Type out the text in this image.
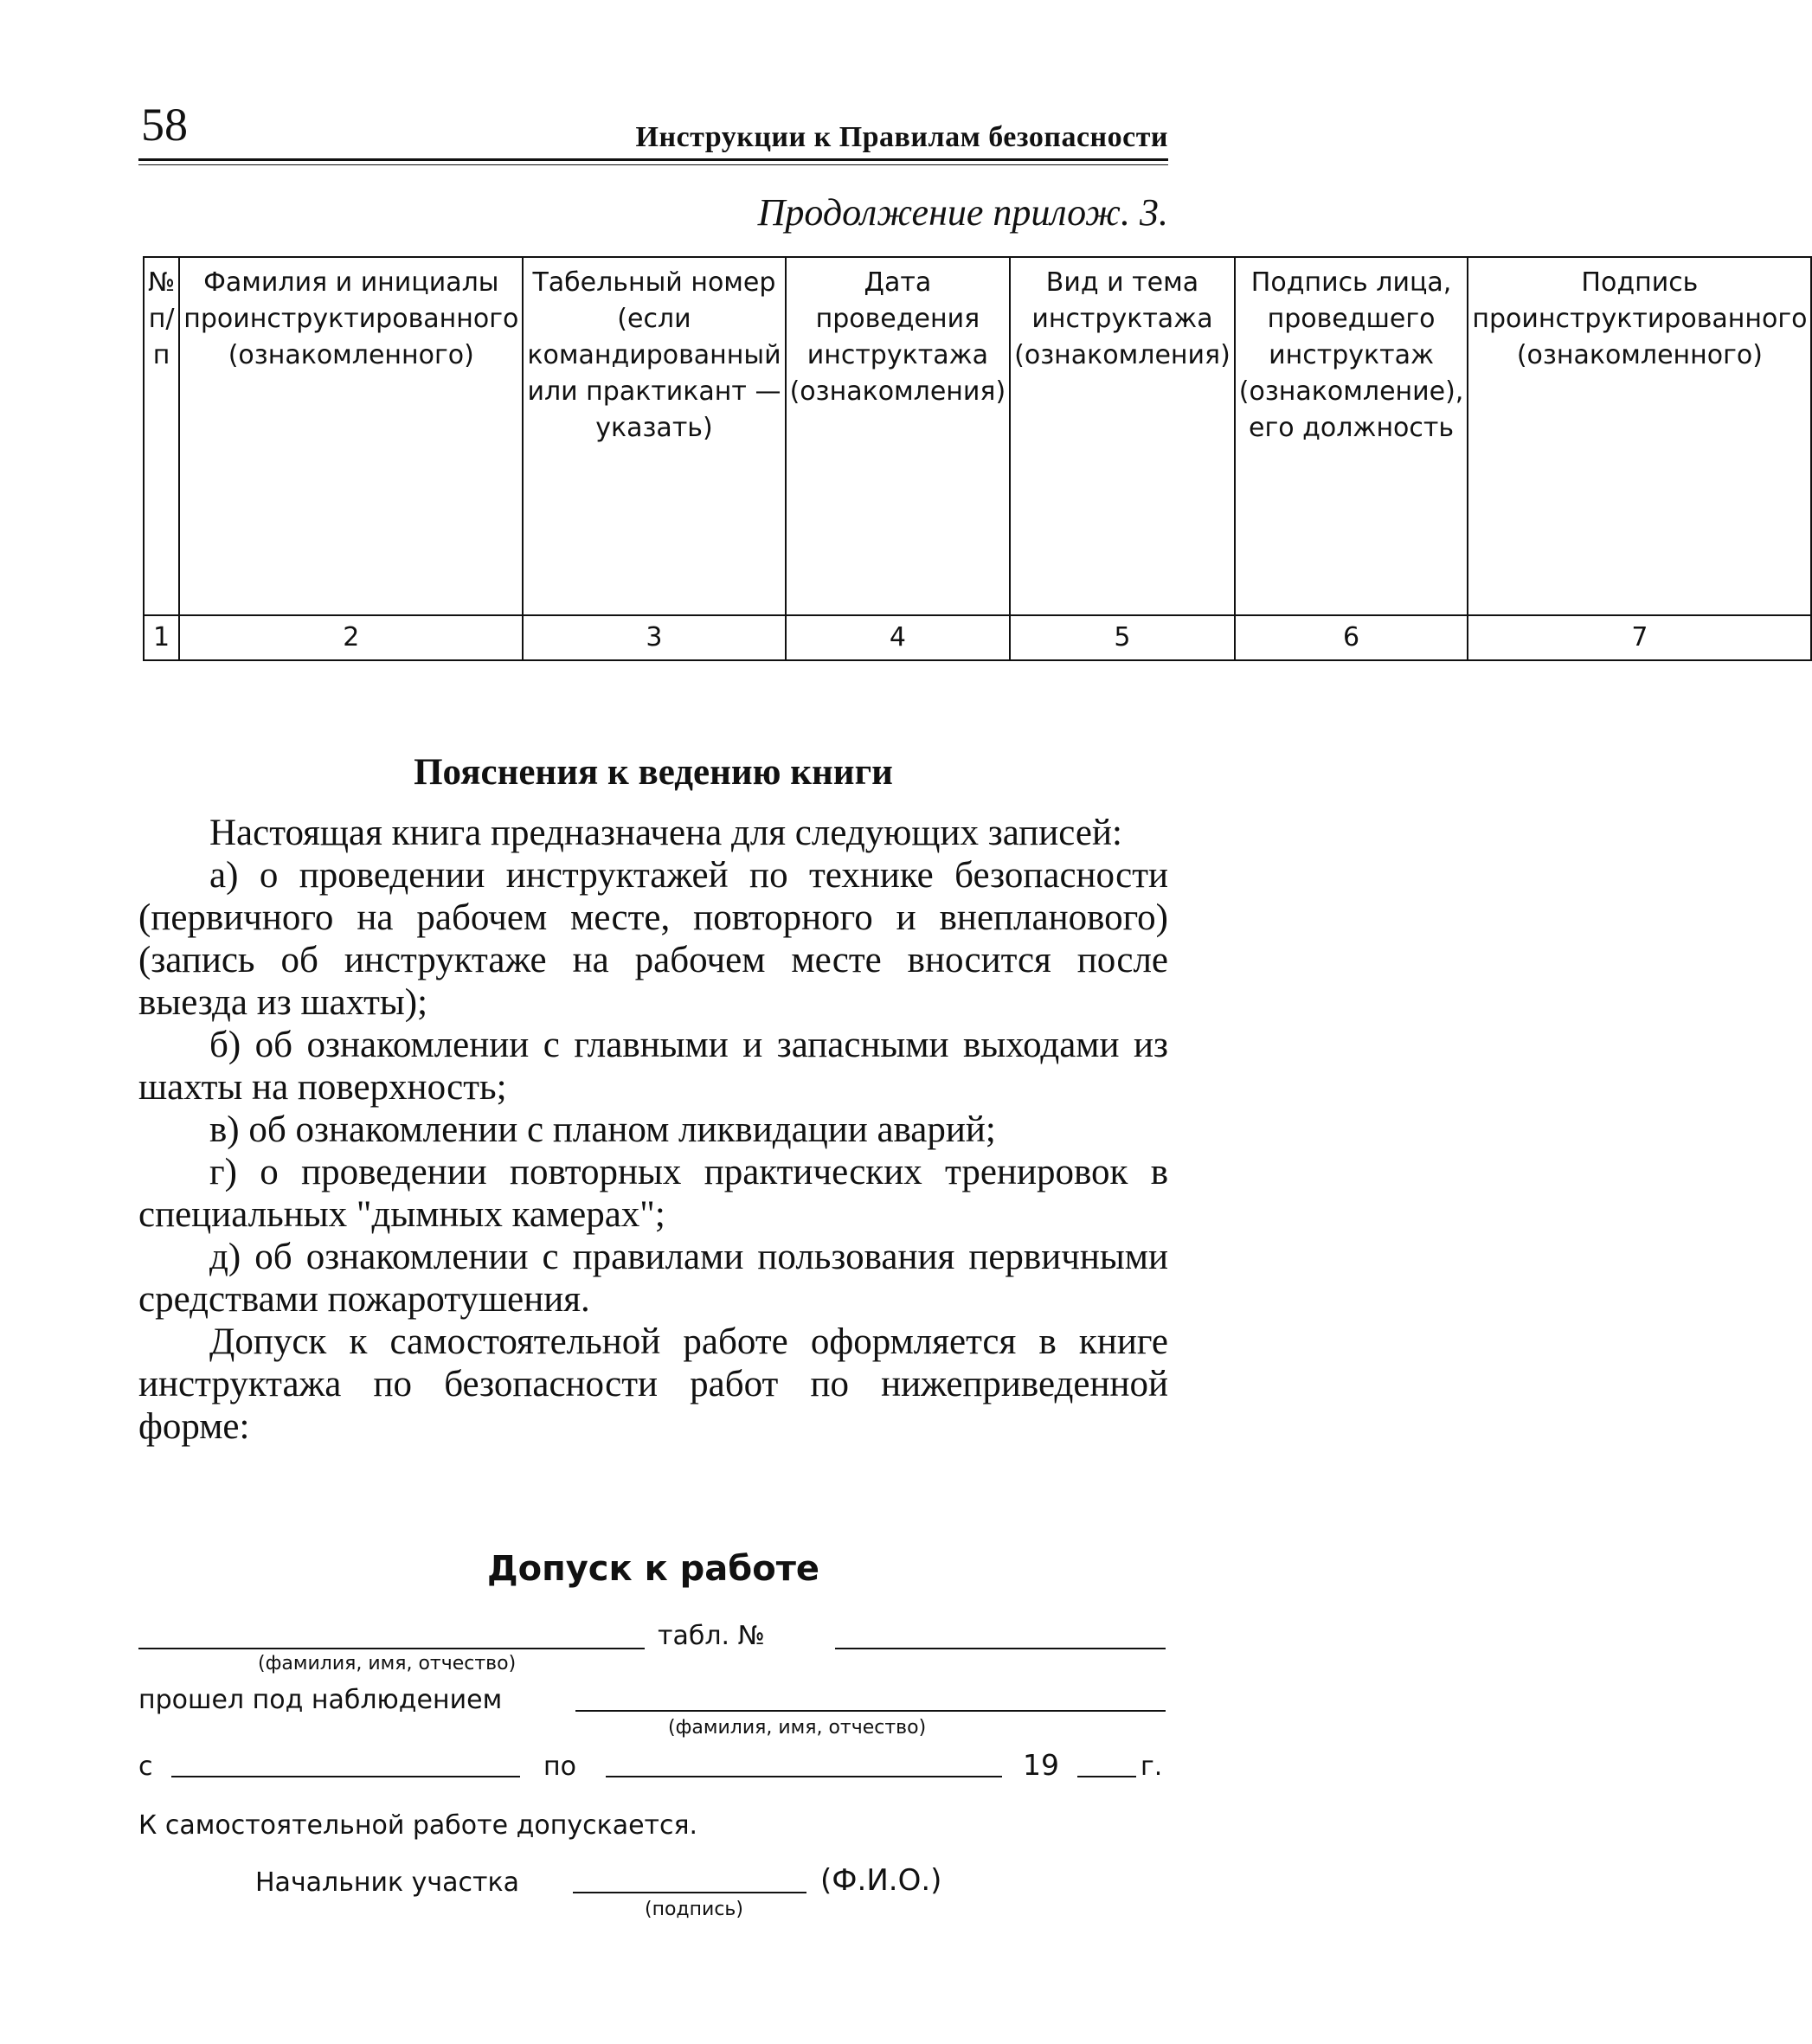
58	Инструкции к Правилам безопасности
Продолжение прилож. 3.
№ п/п	Фамилия и инициалы проинструктированного (ознакомленного)	Табельный номер (если командированный или практикант — указать)	Дата проведения инструктажа (ознакомления)	Вид и тема инструктажа (ознакомления)	Подпись лица, проведшего инструктаж (ознакомление), его должность	Подпись проинструктированного (ознакомленного)
1	2	3	4	5	6	7
Пояснения к ведению книги

Настоящая книга предназначена для следующих записей:

а) о проведении инструктажей по технике безопасности (первичного на рабочем месте, повторного и внепланового) (запись об инструктаже на рабочем месте вносится после выезда из шахты);

б) об ознакомлении с главными и запасными выходами из шахты на поверхность;

в) об ознакомлении с планом ликвидации аварий;

г) о проведении повторных практических тренировок в специальных "дымных камерах";

д) об ознакомлении с правилами пользования первичными средствами пожаротушения.

Допуск к самостоятельной работе оформляется в книге инструктажа по безопасности работ по нижеприведенной форме:

Допуск к работе
табл. №
(фамилия, имя, отчество)
прошел под наблюдением
(фамилия, имя, отчество)
с	по	19	г.
К самостоятельной работе допускается.
Начальник участка	(Ф.И.О.)
(подпись)
